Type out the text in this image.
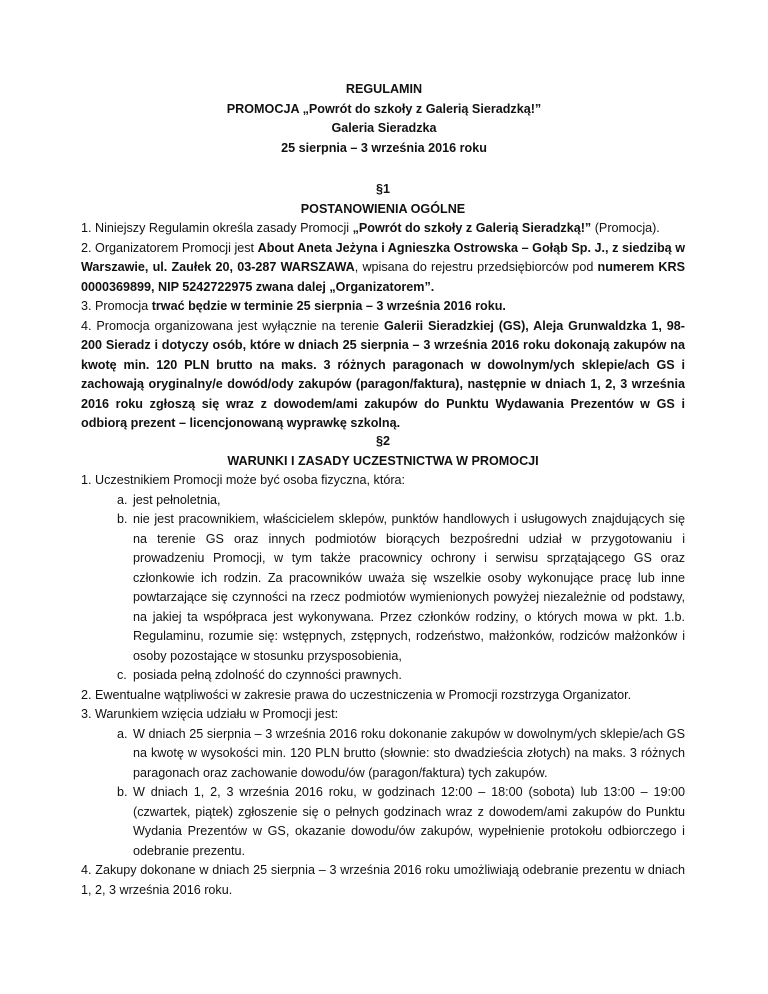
REGULAMIN
PROMOCJA „Powrót do szkoły z Galerią Sieradzką!”
Galeria Sieradzka
25 sierpnia – 3 września 2016 roku
§1
POSTANOWIENIA OGÓLNE
1. Niniejszy Regulamin określa zasady Promocji „Powrót do szkoły z Galerią Sieradzką!” (Promocja).
2. Organizatorem Promocji jest About Aneta Jeżyna i Agnieszka Ostrowska – Gołąb Sp. J., z siedzibą w Warszawie, ul. Zaułek 20, 03-287 WARSZAWA, wpisana do rejestru przedsiębiorców pod numerem KRS 0000369899, NIP 5242722975 zwana dalej „Organizatorem”.
3. Promocja trwać będzie w terminie 25 sierpnia – 3 września 2016 roku.
4. Promocja organizowana jest wyłącznie na terenie Galerii Sieradzkiej (GS), Aleja Grunwaldzka 1, 98-200 Sieradz i dotyczy osób, które w dniach 25 sierpnia – 3 września 2016 roku dokonają zakupów na kwotę min. 120 PLN brutto na maks. 3 różnych paragonach w dowolnym/ych sklepie/ach GS i zachowają oryginalny/e dowód/ody zakupów (paragon/faktura), następnie w dniach 1, 2, 3 września 2016 roku zgłoszą się wraz z dowodem/ami zakupów do Punktu Wydawania Prezentów w GS i odbiorą prezent – licencjonowaną wyprawkę szkolną.
§2
WARUNKI I ZASADY UCZESTNICTWA W PROMOCJI
1. Uczestnikiem Promocji może być osoba fizyczna, która:
a. jest pełnoletnia,
b. nie jest pracownikiem, właścicielem sklepów, punktów handlowych i usługowych znajdujących się na terenie GS oraz innych podmiotów biorących bezpośredni udział w przygotowaniu i prowadzeniu Promocji, w tym także pracownicy ochrony i serwisu sprzątającego GS oraz członkowie ich rodzin. Za pracowników uważa się wszelkie osoby wykonujące pracę lub inne powtarzające się czynności na rzecz podmiotów wymienionych powyżej niezależnie od podstawy, na jakiej ta współpraca jest wykonywana. Przez członków rodziny, o których mowa w pkt. 1.b. Regulaminu, rozumie się: wstępnych, zstępnych, rodzeństwo, małżonków, rodziców małżonków i osoby pozostające w stosunku przysposobienia,
c. posiada pełną zdolność do czynności prawnych.
2. Ewentualne wątpliwości w zakresie prawa do uczestniczenia w Promocji rozstrzyga Organizator.
3. Warunkiem wzięcia udziału w Promocji jest:
a. W dniach 25 sierpnia – 3 września 2016 roku dokonanie zakupów w dowolnym/ych sklepie/ach GS na kwotę w wysokości min. 120 PLN brutto (słownie: sto dwadzieścia złotych) na maks. 3 różnych paragonach oraz zachowanie dowodu/ów (paragon/faktura) tych zakupów.
b. W dniach 1, 2, 3 września 2016 roku, w godzinach 12:00 – 18:00 (sobota) lub 13:00 – 19:00 (czwartek, piątek) zgłoszenie się o pełnych godzinach wraz z dowodem/ami zakupów do Punktu Wydania Prezentów w GS, okazanie dowodu/ów zakupów, wypełnienie protokołu odbiorczego i odebranie prezentu.
4. Zakupy dokonane w dniach 25 sierpnia – 3 września 2016 roku umożliwiają odebranie prezentu w dniach 1, 2, 3 września 2016 roku.
